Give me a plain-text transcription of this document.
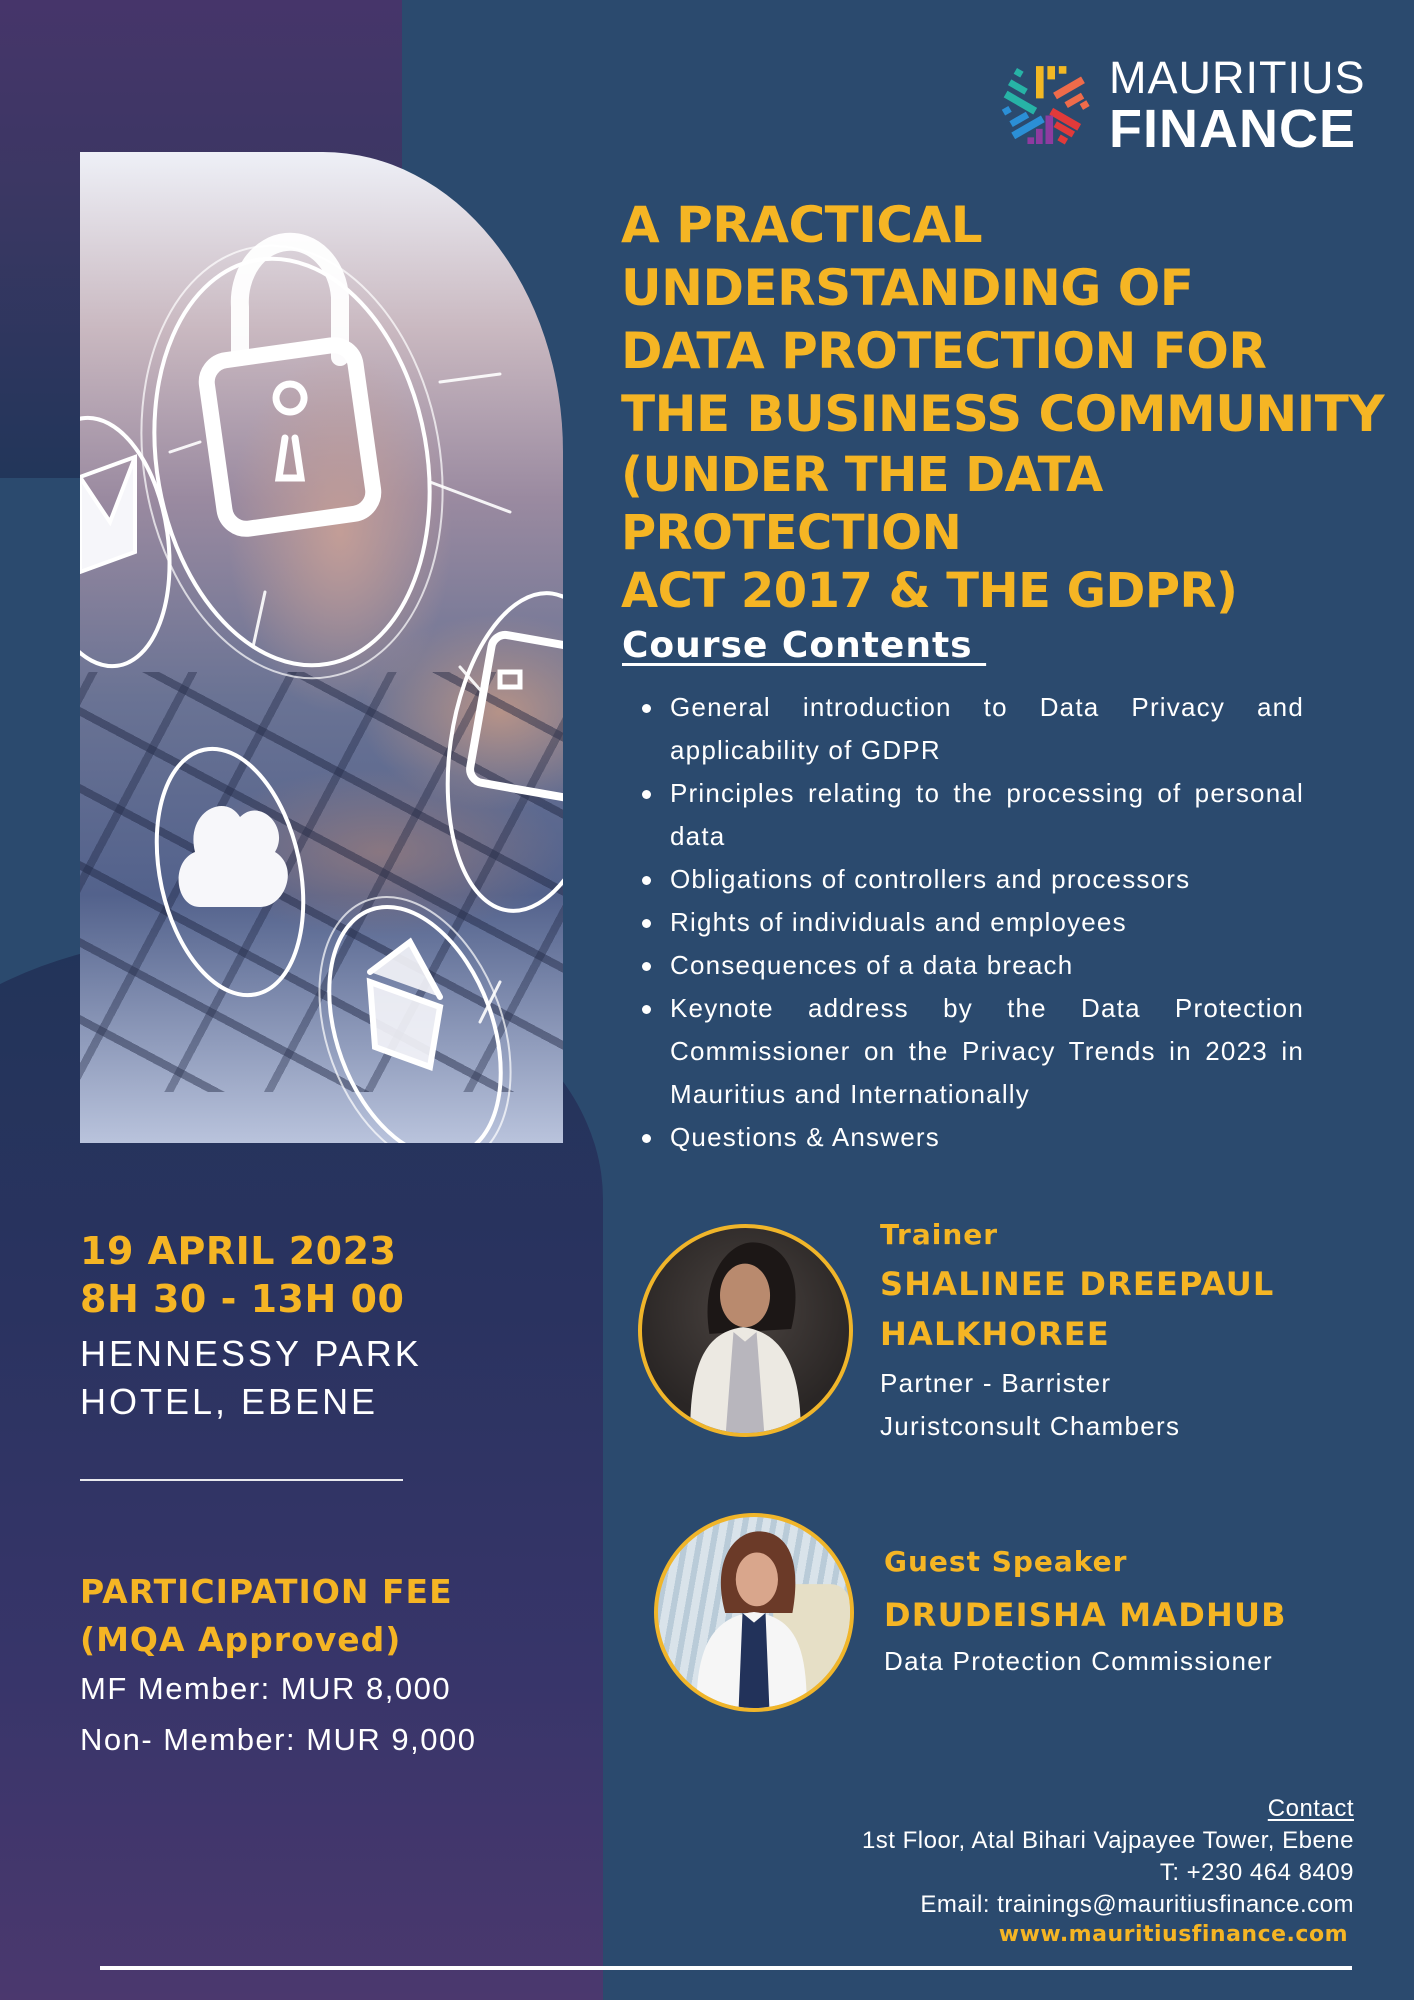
MAURITIUS
FINANCE
A PRACTICAL
UNDERSTANDING OF
DATA PROTECTION FOR
THE BUSINESS COMMUNITY
(UNDER THE DATA PROTECTION
ACT 2017 & THE GDPR)
Course Contents
General introduction to Data Privacy and applicability of GDPR
Principles relating to the processing of personal data
Obligations of controllers and processors
Rights of individuals and employees
Consequences of a data breach
Keynote address by the Data Protection Commissioner on the Privacy Trends in 2023 in Mauritius and Internationally
Questions & Answers
19 APRIL 2023
8H 30 - 13H 00
HENNESSY PARK
HOTEL, EBENE
PARTICIPATION FEE
(MQA Approved)
MF Member: MUR 8,000
Non- Member: MUR 9,000
Trainer
SHALINEE DREEPAUL
HALKHOREE
Partner - Barrister
Juristconsult Chambers
Guest Speaker
DRUDEISHA MADHUB
Data Protection Commissioner
Contact
1st Floor, Atal Bihari Vajpayee Tower, Ebene
T: +230 464 8409
Email: trainings@mauritiusfinance.com
www.mauritiusfinance.com
